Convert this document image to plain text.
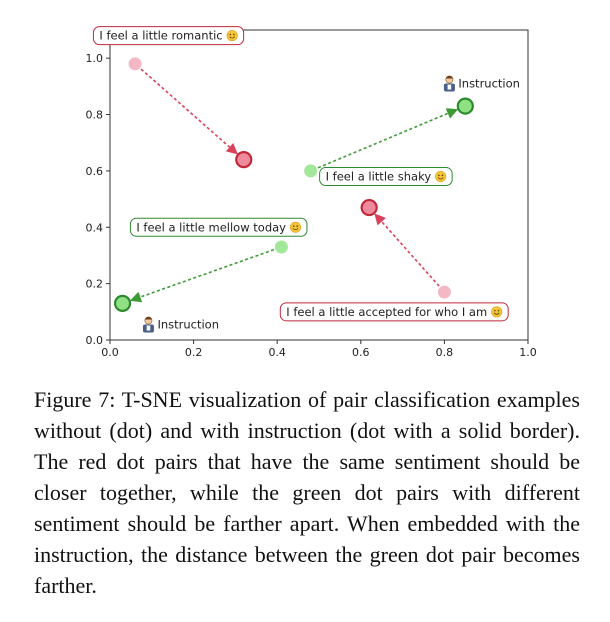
0.0	0.2	0.4	0.6	0.8	1.0
0.0
0.2
0.4
0.6
0.8
1.0
I feel a little romantic
I feel a little shaky
I feel a little mellow today
I feel a little accepted for who I am
Instruction
Instruction

Figure 7: T-SNE visualization of pair classification examples without (dot) and with instruction (dot with a solid border). The red dot pairs that have the same sentiment should be closer together, while the green dot pairs with different sentiment should be farther apart. When embedded with the instruction, the distance between the green dot pair becomes farther.
